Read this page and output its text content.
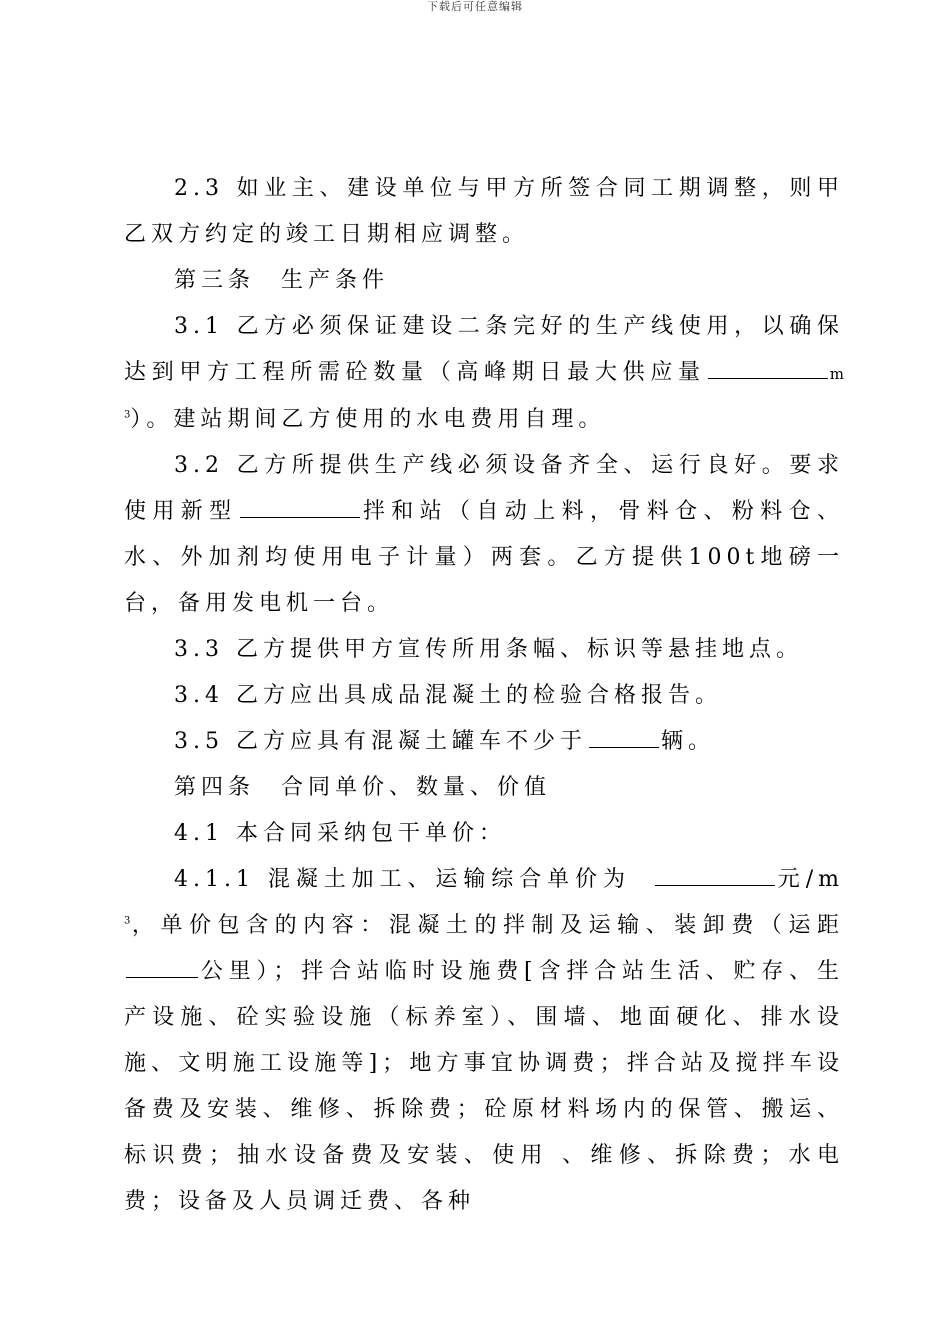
下载后可任意编辑

2.3 如业主、建设单位与甲方所签合同工期调整，则甲乙双方约定的竣工日期相应调整。

第三条 生产条件

3.1 乙方必须保证建设二条完好的生产线使用，以确保达到甲方工程所需砼数量（高峰期日最大供应量	$m^3$）。建站期间乙方使用的水电费用自理。

3.2 乙方所提供生产线必须设备齐全、运行良好。要求使用新型	拌和站（自动上料，骨料仓、粉料仓、水、外加剂均使用电子计量）两套。乙方提供100t地磅一台，备用发电机一台。

3.3 乙方提供甲方宣传所用条幅、标识等悬挂地点。

3.4 乙方应出具成品混凝土的检验合格报告。

3.5 乙方应具有混凝土罐车不少于	辆。

第四条 合同单价、数量、价值

4.1 本合同采纳包干单价：

4.1.1 混凝土加工、运输综合单价为	元$/m^3$，单价包含的内容：混凝土的拌制及运输、装卸费（运距公里）；拌合站临时设施费[含拌合站生活、贮存、生产设施、砼实验设施（标养室）、围墙、地面硬化、排水设施、文明施工设施等]；地方事宜协调费；拌合站及搅拌车设备费及安装、维修、拆除费；砼原材料场内的保管、搬运、标识费；抽水设备费及安装、使用 、维修、拆除费；水电费；设备及人员调迁费、各种
